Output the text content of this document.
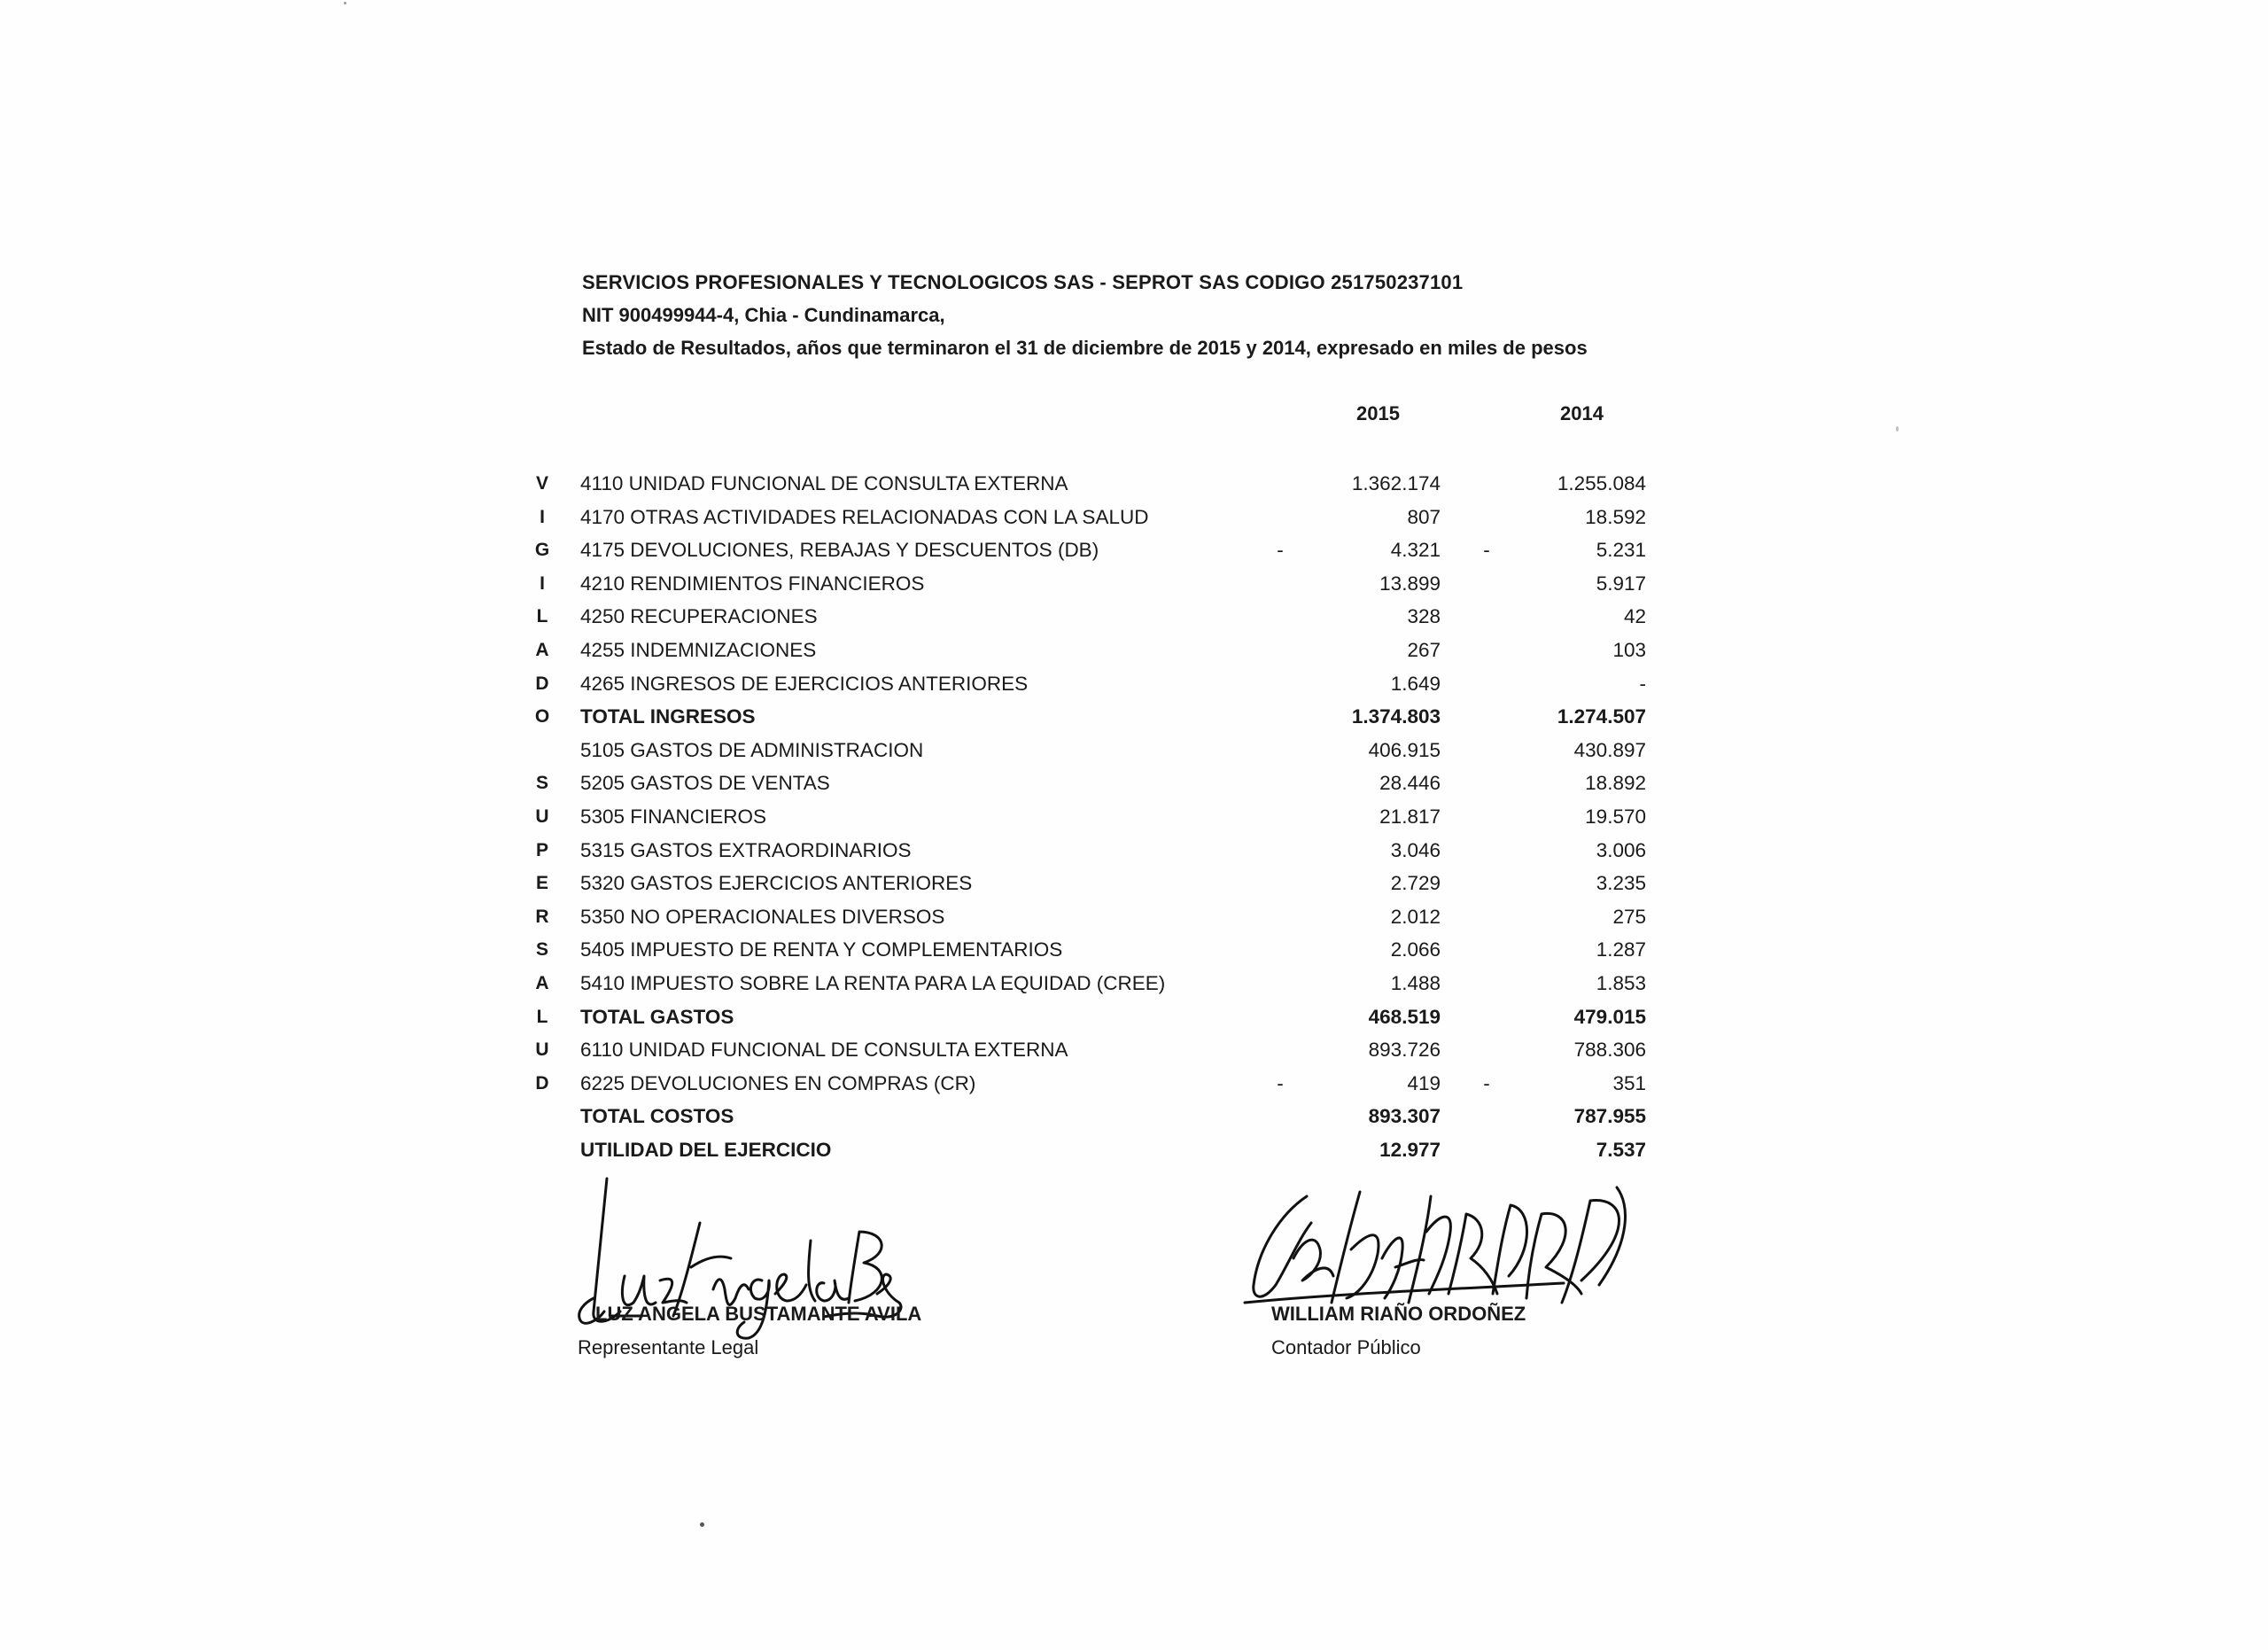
SERVICIOS PROFESIONALES Y TECNOLOGICOS SAS - SEPROT SAS CODIGO 251750237101
NIT 900499944-4, Chia - Cundinamarca,
Estado de Resultados, años que terminaron el 31 de diciembre de 2015 y 2014, expresado en miles de pesos
2015	2014
V 4110 UNIDAD FUNCIONAL DE CONSULTA EXTERNA	1.362.174	1.255.084
I	4170 OTRAS ACTIVIDADES RELACIONADAS CON LA SALUD	807	18.592
G 4175 DEVOLUCIONES, REBAJAS Y DESCUENTOS (DB)	-	4.321 -	5.231
I	4210 RENDIMIENTOS FINANCIEROS	13.899	5.917
L 4250 RECUPERACIONES	328	42
A 4255 INDEMNIZACIONES	267	103
D 4265 INGRESOS DE EJERCICIOS ANTERIORES	1.649	-
O TOTAL INGRESOS	1.374.803	1.274.507
5105 GASTOS DE ADMINISTRACION	406.915	430.897
S 5205 GASTOS DE VENTAS	28.446	18.892
U 5305 FINANCIEROS	21.817	19.570
P 5315 GASTOS EXTRAORDINARIOS	3.046	3.006
E 5320 GASTOS EJERCICIOS ANTERIORES	2.729	3.235
R 5350 NO OPERACIONALES DIVERSOS	2.012	275
S 5405 IMPUESTO DE RENTA Y COMPLEMENTARIOS	2.066	1.287
A 5410 IMPUESTO SOBRE LA RENTA PARA LA EQUIDAD (CREE)	1.488	1.853
L TOTAL GASTOS	468.519	479.015
U 6110 UNIDAD FUNCIONAL DE CONSULTA EXTERNA	893.726	788.306
D 6225 DEVOLUCIONES EN COMPRAS (CR)	-	419 -	351
TOTAL COSTOS	893.307	787.955
UTILIDAD DEL EJERCICIO	12.977	7.537
LUZ ANGELA BUSTAMANTE AVILA
Representante Legal
WILLIAM RIAÑO ORDOÑEZ
Contador Público
